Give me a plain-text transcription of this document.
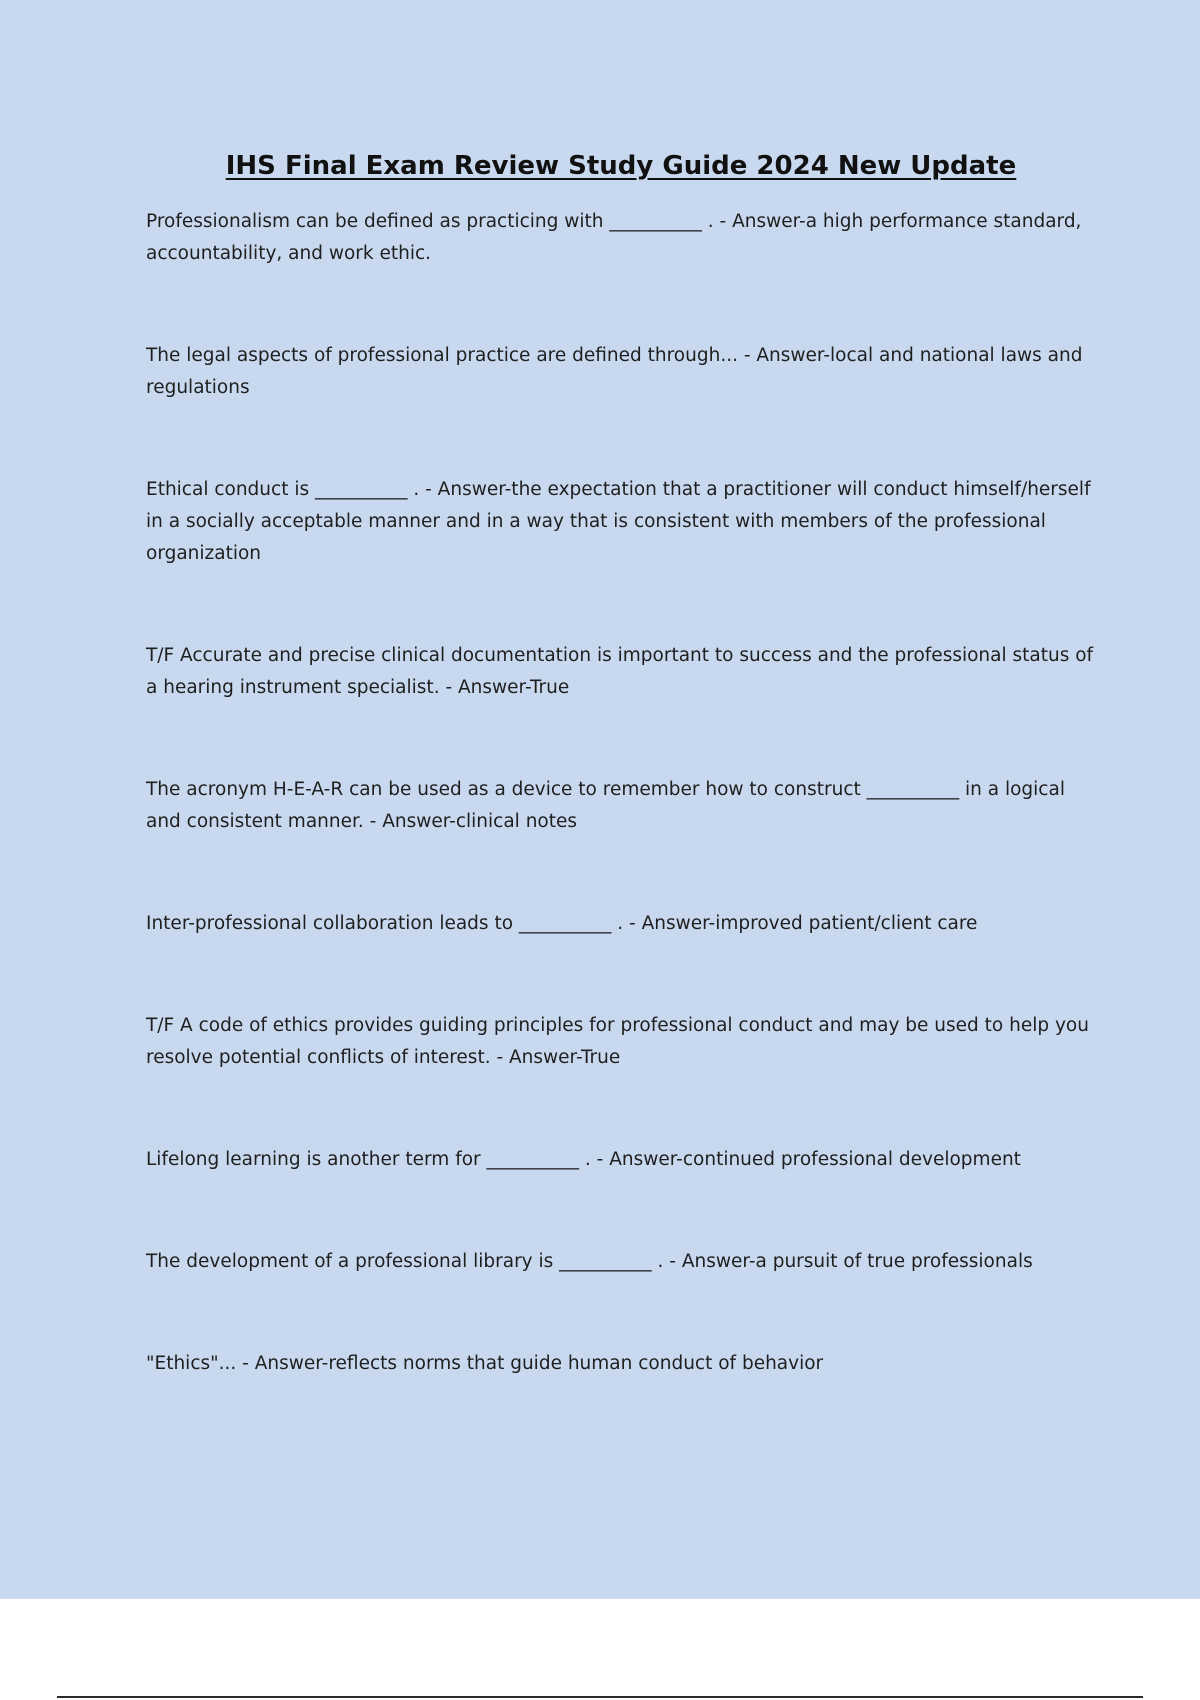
IHS Final Exam Review Study Guide 2024 New Update
Professionalism can be defined as practicing with __________ . - Answer-a high performance standard, accountability, and work ethic.
The legal aspects of professional practice are defined through... - Answer-local and national laws and regulations
Ethical conduct is __________ . - Answer-the expectation that a practitioner will conduct himself/herself in a socially acceptable manner and in a way that is consistent with members of the professional organization
T/F Accurate and precise clinical documentation is important to success and the professional status of a hearing instrument specialist. - Answer-True
The acronym H-E-A-R can be used as a device to remember how to construct __________ in a logical and consistent manner. - Answer-clinical notes
Inter-professional collaboration leads to __________ . - Answer-improved patient/client care
T/F A code of ethics provides guiding principles for professional conduct and may be used to help you resolve potential conflicts of interest. - Answer-True
Lifelong learning is another term for __________ . - Answer-continued professional development
The development of a professional library is __________ . - Answer-a pursuit of true professionals
"Ethics"... - Answer-reflects norms that guide human conduct of behavior
